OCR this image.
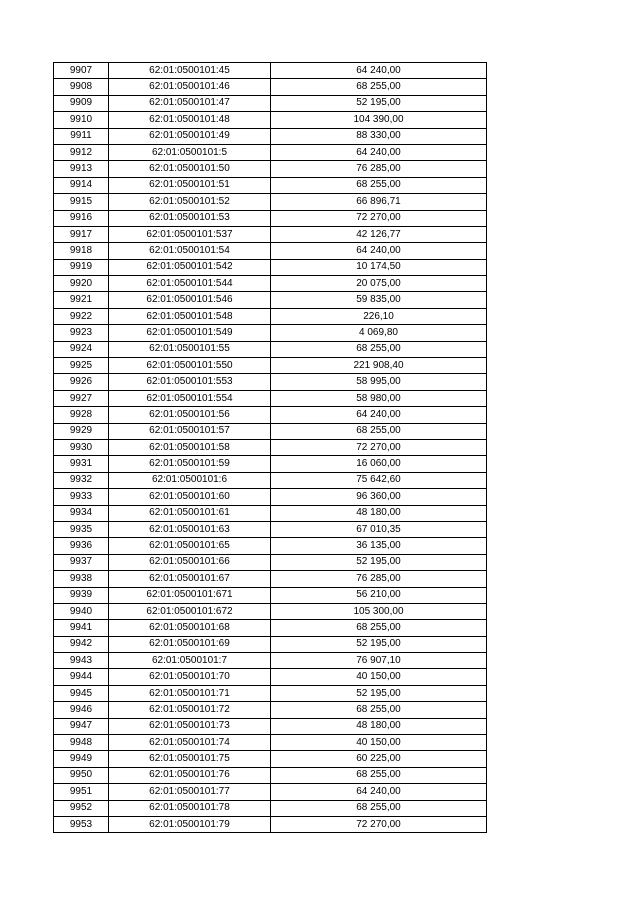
9907	62:01:0500101:45	64 240,00
9908	62:01:0500101:46	68 255,00
9909	62:01:0500101:47	52 195,00
9910	62:01:0500101:48	104 390,00
9911	62:01:0500101:49	88 330,00
9912	62:01:0500101:5	64 240,00
9913	62:01:0500101:50	76 285,00
9914	62:01:0500101:51	68 255,00
9915	62:01:0500101:52	66 896,71
9916	62:01:0500101:53	72 270,00
9917	62:01:0500101:537	42 126,77
9918	62:01:0500101:54	64 240,00
9919	62:01:0500101:542	10 174,50
9920	62:01:0500101:544	20 075,00
9921	62:01:0500101:546	59 835,00
9922	62:01:0500101:548	226,10
9923	62:01:0500101:549	4 069,80
9924	62:01:0500101:55	68 255,00
9925	62:01:0500101:550	221 908,40
9926	62:01:0500101:553	58 995,00
9927	62:01:0500101:554	58 980,00
9928	62:01:0500101:56	64 240,00
9929	62:01:0500101:57	68 255,00
9930	62:01:0500101:58	72 270,00
9931	62:01:0500101:59	16 060,00
9932	62:01:0500101:6	75 642,60
9933	62:01:0500101:60	96 360,00
9934	62:01:0500101:61	48 180,00
9935	62:01:0500101:63	67 010,35
9936	62:01:0500101:65	36 135,00
9937	62:01:0500101:66	52 195,00
9938	62:01:0500101:67	76 285,00
9939	62:01:0500101:671	56 210,00
9940	62:01:0500101:672	105 300,00
9941	62:01:0500101:68	68 255,00
9942	62:01:0500101:69	52 195,00
9943	62:01:0500101:7	76 907,10
9944	62:01:0500101:70	40 150,00
9945	62:01:0500101:71	52 195,00
9946	62:01:0500101:72	68 255,00
9947	62:01:0500101:73	48 180,00
9948	62:01:0500101:74	40 150,00
9949	62:01:0500101:75	60 225,00
9950	62:01:0500101:76	68 255,00
9951	62:01:0500101:77	64 240,00
9952	62:01:0500101:78	68 255,00
9953	62:01:0500101:79	72 270,00
